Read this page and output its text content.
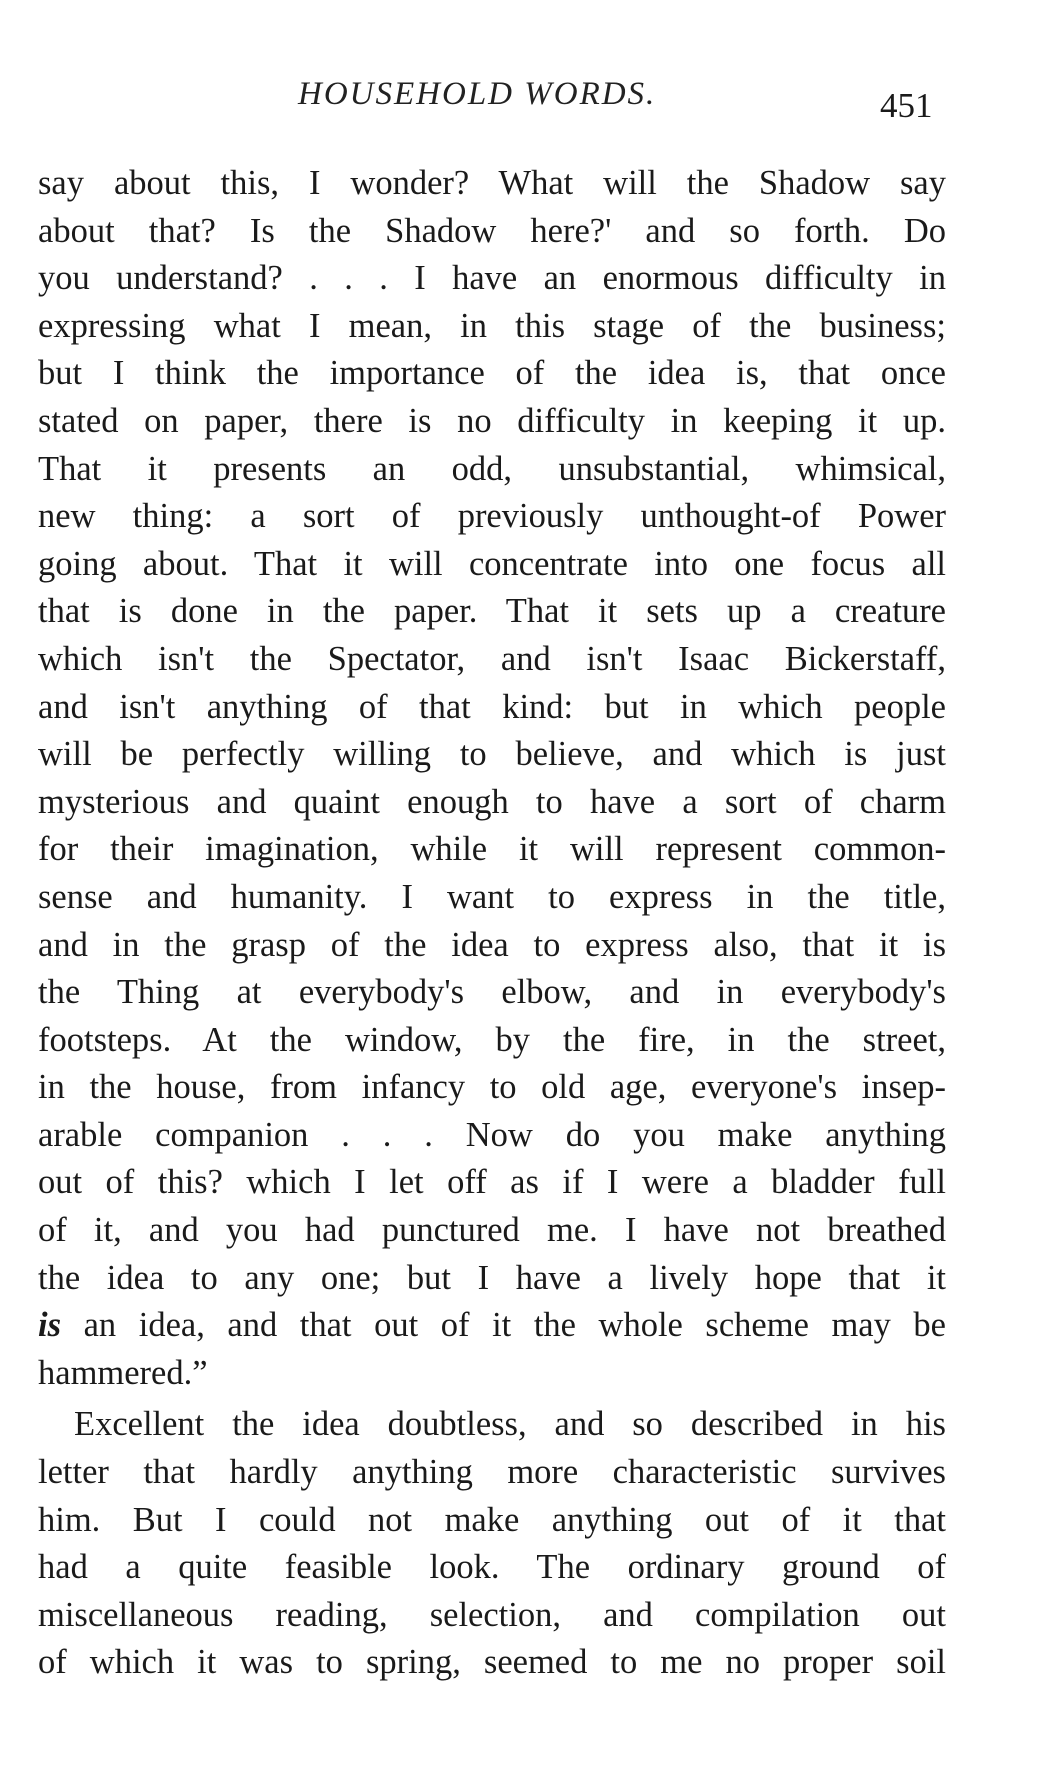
HOUSEHOLD WORDS.	451
say about this, I wonder? What will the Shadow say
about that? Is the Shadow here?' and so forth. Do
you understand? . . . I have an enormous difficulty in
expressing what I mean, in this stage of the business;
but I think the importance of the idea is, that once
stated on paper, there is no difficulty in keeping it up.
That it presents an odd, unsubstantial, whimsical,
new thing: a sort of previously unthought-of Power
going about. That it will concentrate into one focus all
that is done in the paper. That it sets up a creature
which isn't the Spectator, and isn't Isaac Bickerstaff,
and isn't anything of that kind: but in which people
will be perfectly willing to believe, and which is just
mysterious and quaint enough to have a sort of charm
for their imagination, while it will represent common-
sense and humanity. I want to express in the title,
and in the grasp of the idea to express also, that it is
the Thing at everybody's elbow, and in everybody's
footsteps. At the window, by the fire, in the street,
in the house, from infancy to old age, everyone's insep-
arable companion . . . Now do you make anything
out of this? which I let off as if I were a bladder full
of it, and you had punctured me. I have not breathed
the idea to any one; but I have a lively hope that it
is an idea, and that out of it the whole scheme may be
hammered.”
Excellent the idea doubtless, and so described in his
letter that hardly anything more characteristic survives
him. But I could not make anything out of it that
had a quite feasible look. The ordinary ground of
miscellaneous reading, selection, and compilation out
of which it was to spring, seemed to me no proper soil
